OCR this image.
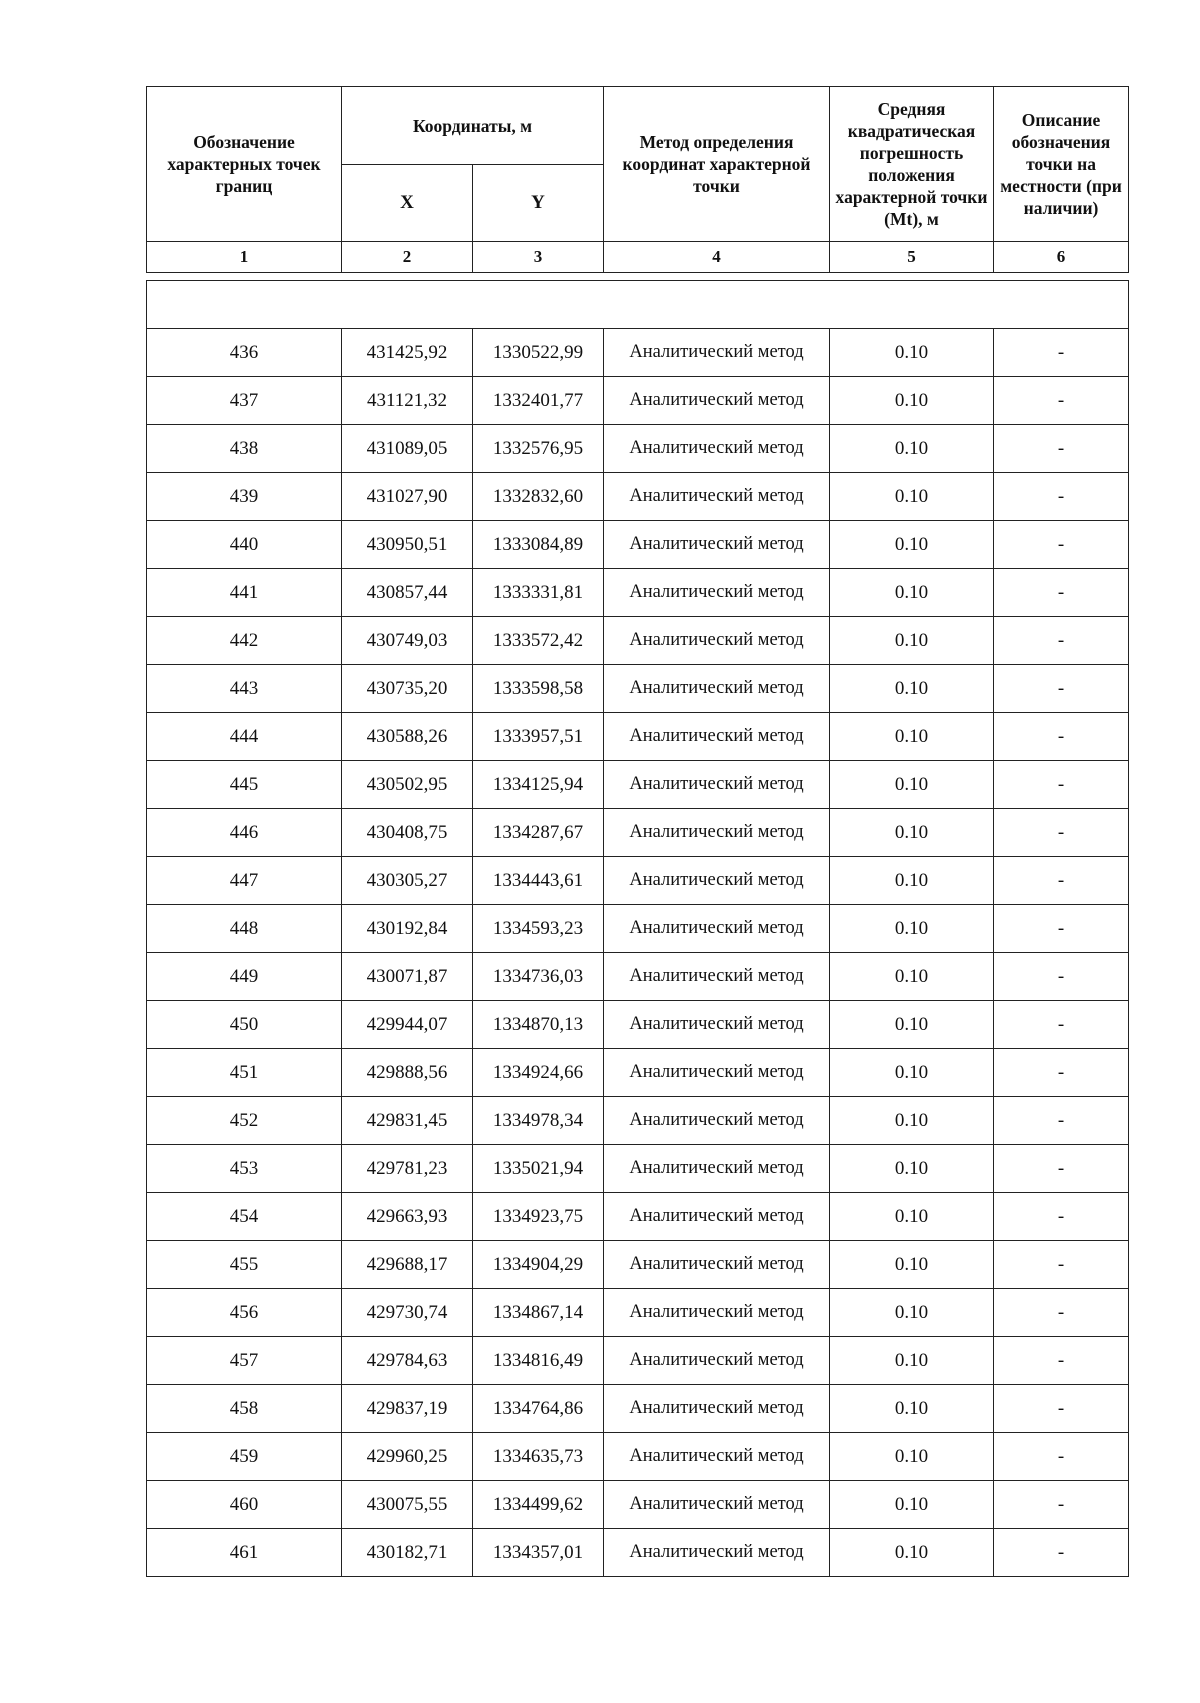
Обозначение характерных точек границ	Координаты, м		Метод определения координат характерной точки	Средняя квадратическая погрешность положения характерной точки (Mt), м	Описание обозначения точки на местности (при наличии)
	X	Y			
1	2	3	4	5	6

436	431425,92	1330522,99	Аналитический метод	0.10	-
437	431121,32	1332401,77	Аналитический метод	0.10	-
438	431089,05	1332576,95	Аналитический метод	0.10	-
439	431027,90	1332832,60	Аналитический метод	0.10	-
440	430950,51	1333084,89	Аналитический метод	0.10	-
441	430857,44	1333331,81	Аналитический метод	0.10	-
442	430749,03	1333572,42	Аналитический метод	0.10	-
443	430735,20	1333598,58	Аналитический метод	0.10	-
444	430588,26	1333957,51	Аналитический метод	0.10	-
445	430502,95	1334125,94	Аналитический метод	0.10	-
446	430408,75	1334287,67	Аналитический метод	0.10	-
447	430305,27	1334443,61	Аналитический метод	0.10	-
448	430192,84	1334593,23	Аналитический метод	0.10	-
449	430071,87	1334736,03	Аналитический метод	0.10	-
450	429944,07	1334870,13	Аналитический метод	0.10	-
451	429888,56	1334924,66	Аналитический метод	0.10	-
452	429831,45	1334978,34	Аналитический метод	0.10	-
453	429781,23	1335021,94	Аналитический метод	0.10	-
454	429663,93	1334923,75	Аналитический метод	0.10	-
455	429688,17	1334904,29	Аналитический метод	0.10	-
456	429730,74	1334867,14	Аналитический метод	0.10	-
457	429784,63	1334816,49	Аналитический метод	0.10	-
458	429837,19	1334764,86	Аналитический метод	0.10	-
459	429960,25	1334635,73	Аналитический метод	0.10	-
460	430075,55	1334499,62	Аналитический метод	0.10	-
461	430182,71	1334357,01	Аналитический метод	0.10	-
